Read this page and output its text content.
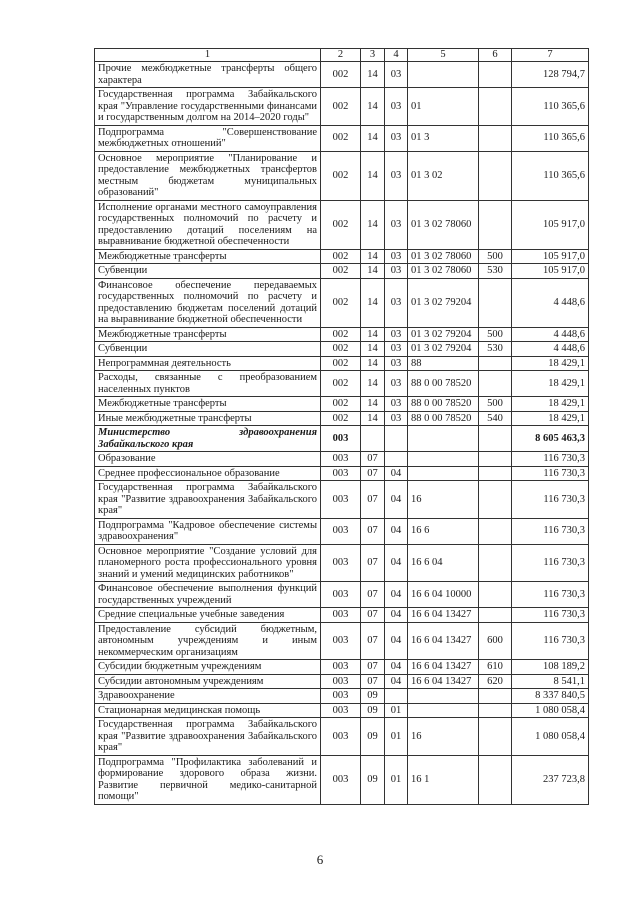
1	2	3	4	5	6	7
Прочие межбюджетные трансферты общего характера	002	14	03			128 794,7
Государственная программа Забайкальского края "Управление государственными финансами и государственным долгом на 2014–2020 годы"	002	14	03	01		110 365,6
Подпрограмма "Совершенствование межбюджетных отношений"	002	14	03	01 3		110 365,6
Основное мероприятие "Планирование и предоставление межбюджетных трансфертов местным бюджетам муниципальных образований"	002	14	03	01 3 02		110 365,6
Исполнение органами местного самоуправления государственных полномочий по расчету и предоставлению дотаций поселениям на выравнивание бюджетной обеспеченности	002	14	03	01 3 02 78060		105 917,0
Межбюджетные трансферты	002	14	03	01 3 02 78060	500	105 917,0
Субвенции	002	14	03	01 3 02 78060	530	105 917,0
Финансовое обеспечение передаваемых государственных полномочий по расчету и предоставлению бюджетам поселений дотаций на выравнивание бюджетной обеспеченности	002	14	03	01 3 02 79204		4 448,6
Межбюджетные трансферты	002	14	03	01 3 02 79204	500	4 448,6
Субвенции	002	14	03	01 3 02 79204	530	4 448,6
Непрограммная деятельность	002	14	03	88		18 429,1
Расходы, связанные с преобразованием населенных пунктов	002	14	03	88 0 00 78520		18 429,1
Межбюджетные трансферты	002	14	03	88 0 00 78520	500	18 429,1
Иные межбюджетные трансферты	002	14	03	88 0 00 78520	540	18 429,1
Министерство здравоохранения Забайкальского края	003					8 605 463,3
Образование	003	07				116 730,3
Среднее профессиональное образование	003	07	04			116 730,3
Государственная программа Забайкальского края "Развитие здравоохранения Забайкальского края"	003	07	04	16		116 730,3
Подпрограмма "Кадровое обеспечение системы здравоохранения"	003	07	04	16 6		116 730,3
Основное мероприятие "Создание условий для планомерного роста профессионального уровня знаний и умений медицинских работников"	003	07	04	16 6 04		116 730,3
Финансовое обеспечение выполнения функций государственных учреждений	003	07	04	16 6 04 10000		116 730,3
Средние специальные учебные заведения	003	07	04	16 6 04 13427		116 730,3
Предоставление субсидий бюджетным, автономным учреждениям и иным некоммерческим организациям	003	07	04	16 6 04 13427	600	116 730,3
Субсидии бюджетным учреждениям	003	07	04	16 6 04 13427	610	108 189,2
Субсидии автономным учреждениям	003	07	04	16 6 04 13427	620	8 541,1
Здравоохранение	003	09				8 337 840,5
Стационарная медицинская помощь	003	09	01			1 080 058,4
Государственная программа Забайкальского края "Развитие здравоохранения Забайкальского края"	003	09	01	16		1 080 058,4
Подпрограмма "Профилактика заболеваний и формирование здорового образа жизни. Развитие первичной медико-санитарной помощи"	003	09	01	16 1		237 723,8
6
